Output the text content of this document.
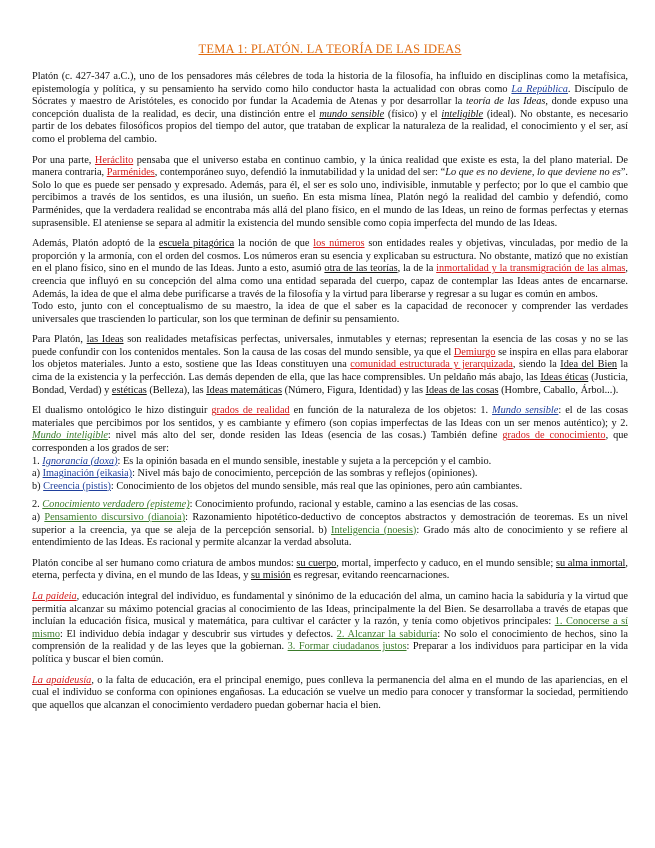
TEMA 1: PLATÓN. LA TEORÍA DE LAS IDEAS

Platón (c. 427-347 a.C.), uno de los pensadores más célebres de toda la historia de la filosofía, ha influido en disciplinas como la metafísica, epistemología y política, y su pensamiento ha servido como hilo conductor hasta la actualidad con obras como La República. Discípulo de Sócrates y maestro de Aristóteles, es conocido por fundar la Academia de Atenas y por desarrollar la teoría de las Ideas, donde expuso una concepción dualista de la realidad, es decir, una distinción entre el mundo sensible (físico) y el inteligible (ideal). No obstante, es necesario partir de los debates filosóficos propios del tiempo del autor, que trataban de explicar la naturaleza de la realidad, el conocimiento y el ser, así como el problema del cambio.

Por una parte, Heráclito pensaba que el universo estaba en continuo cambio, y la única realidad que existe es esta, la del plano material. De manera contraria, Parménides, contemporáneo suyo, defendió la inmutabilidad y la unidad del ser: “Lo que es no deviene, lo que deviene no es”. Solo lo que es puede ser pensado y expresado. Además, para él, el ser es solo uno, indivisible, inmutable y perfecto; por lo que el cambio que percibimos a través de los sentidos, es una ilusión, un sueño. En esta misma línea, Platón negó la realidad del cambio y defendió, como Parménides, que la verdadera realidad se encontraba más allá del plano físico, en el mundo de las Ideas, un reino de formas perfectas y eternas suprasensible. El ateniense se separa al admitir la existencia del mundo sensible como copia imperfecta del mundo de las Ideas.

Además, Platón adoptó de la escuela pitagórica la noción de que los números son entidades reales y objetivas, vinculadas, por medio de la proporción y la armonía, con el orden del cosmos. Los números eran su esencia y explicaban su estructura. No obstante, matizó que no existían en el plano físico, sino en el mundo de las Ideas. Junto a esto, asumió otra de las teorías, la de la inmortalidad y la transmigración de las almas, creencia que influyó en su concepción del alma como una entidad separada del cuerpo, capaz de contemplar las Ideas antes de encarnarse. Además, la idea de que el alma debe purificarse a través de la filosofía y la virtud para liberarse y regresar a su lugar es común en ambos.

Todo esto, junto con el conceptualismo de su maestro, la idea de que el saber es la capacidad de reconocer y comprender las verdades universales que trascienden lo particular, son los que terminan de definir su pensamiento.

Para Platón, las Ideas son realidades metafísicas perfectas, universales, inmutables y eternas; representan la esencia de las cosas y no se las puede confundir con los contenidos mentales. Son la causa de las cosas del mundo sensible, ya que el Demiurgo se inspira en ellas para elaborar los objetos materiales. Junto a esto, sostiene que las Ideas constituyen una comunidad estructurada y jerarquizada, siendo la Idea del Bien la cima de la existencia y la perfección. Las demás dependen de ella, que las hace comprensibles. Un peldaño más abajo, las Ideas éticas (Justicia, Bondad, Verdad) y estéticas (Belleza), las Ideas matemáticas (Número, Figura, Identidad) y las Ideas de las cosas (Hombre, Caballo, Árbol...).

El dualismo ontológico le hizo distinguir grados de realidad en función de la naturaleza de los objetos: 1. Mundo sensible: el de las cosas materiales que percibimos por los sentidos, y es cambiante y efímero (son copias imperfectas de las Ideas con un ser menos auténtico); y 2. Mundo inteligible: nivel más alto del ser, donde residen las Ideas (esencia de las cosas.) También define grados de conocimiento, que corresponden a los grados de ser:

1. Ignorancia (doxa): Es la opinión basada en el mundo sensible, inestable y sujeta a la percepción y el cambio.
a) Imaginación (eikasia): Nivel más bajo de conocimiento, percepción de las sombras y reflejos (opiniones).
b) Creencia (pistis): Conocimiento de los objetos del mundo sensible, más real que las opiniones, pero aún cambiantes.
2. Conocimiento verdadero (episteme): Conocimiento profundo, racional y estable, camino a las esencias de las cosas.
a) Pensamiento discursivo (dianoia): Razonamiento hipotético-deductivo de conceptos abstractos y demostración de teoremas. Es un nivel superior a la creencia, ya que se aleja de la percepción sensorial. b) Inteligencia (noesis): Grado más alto de conocimiento y se refiere al entendimiento de las Ideas. Es racional y permite alcanzar la verdad absoluta.

Platón concibe al ser humano como criatura de ambos mundos: su cuerpo, mortal, imperfecto y caduco, en el mundo sensible; su alma inmortal, eterna, perfecta y divina, en el mundo de las Ideas, y su misión es regresar, evitando reencarnaciones.

La paideia, educación integral del individuo, es fundamental y sinónimo de la educación del alma, un camino hacia la sabiduría y la virtud que permitía alcanzar su máximo potencial gracias al conocimiento de las Ideas, principalmente la del Bien. Se desarrollaba a través de etapas que incluían la educación física, musical y matemática, para cultivar el carácter y la razón, y tenía como objetivos principales: 1. Conocerse a sí mismo: El individuo debía indagar y descubrir sus virtudes y defectos. 2. Alcanzar la sabiduría: No solo el conocimiento de hechos, sino la comprensión de la realidad y de las leyes que la gobiernan. 3. Formar ciudadanos justos: Preparar a los individuos para participar en la vida política y buscar el bien común.

La apaideusía, o la falta de educación, era el principal enemigo, pues conlleva la permanencia del alma en el mundo de las apariencias, en el cual el individuo se conforma con opiniones engañosas. La educación se vuelve un medio para conocer y transformar la sociedad, permitiendo que aquellos que alcanzan el conocimiento verdadero puedan gobernar hacia el bien.
